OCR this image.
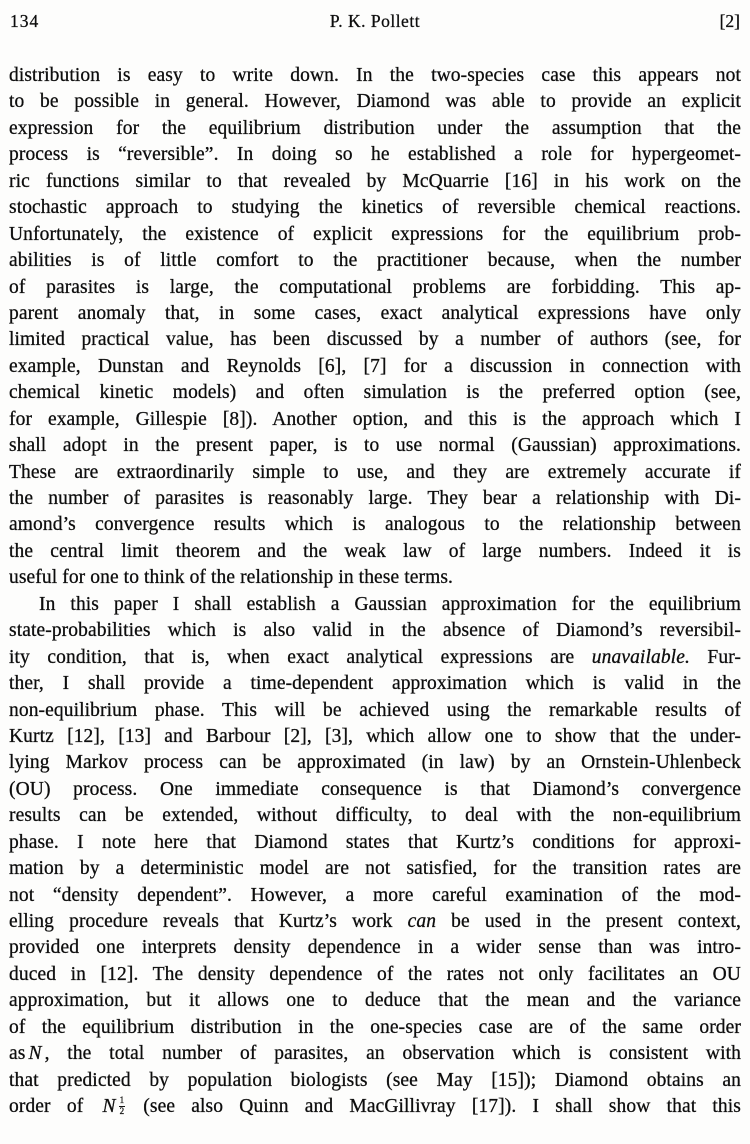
134	P. K. Pollett	[2]
distribution is easy to write down. In the two-species case this appears not
to be possible in general. However, Diamond was able to provide an explicit
expression for the equilibrium distribution under the assumption that the
process is “reversible”. In doing so he established a role for hypergeomet-
ric functions similar to that revealed by McQuarrie [16] in his work on the
stochastic approach to studying the kinetics of reversible chemical reactions.
Unfortunately, the existence of explicit expressions for the equilibrium prob-
abilities is of little comfort to the practitioner because, when the number
of parasites is large, the computational problems are forbidding. This ap-
parent anomaly that, in some cases, exact analytical expressions have only
limited practical value, has been discussed by a number of authors (see, for
example, Dunstan and Reynolds [6], [7] for a discussion in connection with
chemical kinetic models) and often simulation is the preferred option (see,
for example, Gillespie [8]). Another option, and this is the approach which I
shall adopt in the present paper, is to use normal (Gaussian) approximations.
These are extraordinarily simple to use, and they are extremely accurate if
the number of parasites is reasonably large. They bear a relationship with Di-
amond’s convergence results which is analogous to the relationship between
the central limit theorem and the weak law of large numbers. Indeed it is
useful for one to think of the relationship in these terms.
In this paper I shall establish a Gaussian approximation for the equilibrium
state-probabilities which is also valid in the absence of Diamond’s reversibil-
ity condition, that is, when exact analytical expressions are unavailable. Fur-
ther, I shall provide a time-dependent approximation which is valid in the
non-equilibrium phase. This will be achieved using the remarkable results of
Kurtz [12], [13] and Barbour [2], [3], which allow one to show that the under-
lying Markov process can be approximated (in law) by an Ornstein-Uhlenbeck
(OU) process. One immediate consequence is that Diamond’s convergence
results can be extended, without difficulty, to deal with the non-equilibrium
phase. I note here that Diamond states that Kurtz’s conditions for approxi-
mation by a deterministic model are not satisfied, for the transition rates are
not “density dependent”. However, a more careful examination of the mod-
elling procedure reveals that Kurtz’s work can be used in the present context,
provided one interprets density dependence in a wider sense than was intro-
duced in [12]. The density dependence of the rates not only facilitates an OU
approximation, but it allows one to deduce that the mean and the variance
of the equilibrium distribution in the one-species case are of the same order
as N , the total number of parasites, an observation which is consistent with
that predicted by population biologists (see May [15]); Diamond obtains an
order of N $^{\frac{1}{2}}$ (see also Quinn and MacGillivray [17]). I shall show that this
